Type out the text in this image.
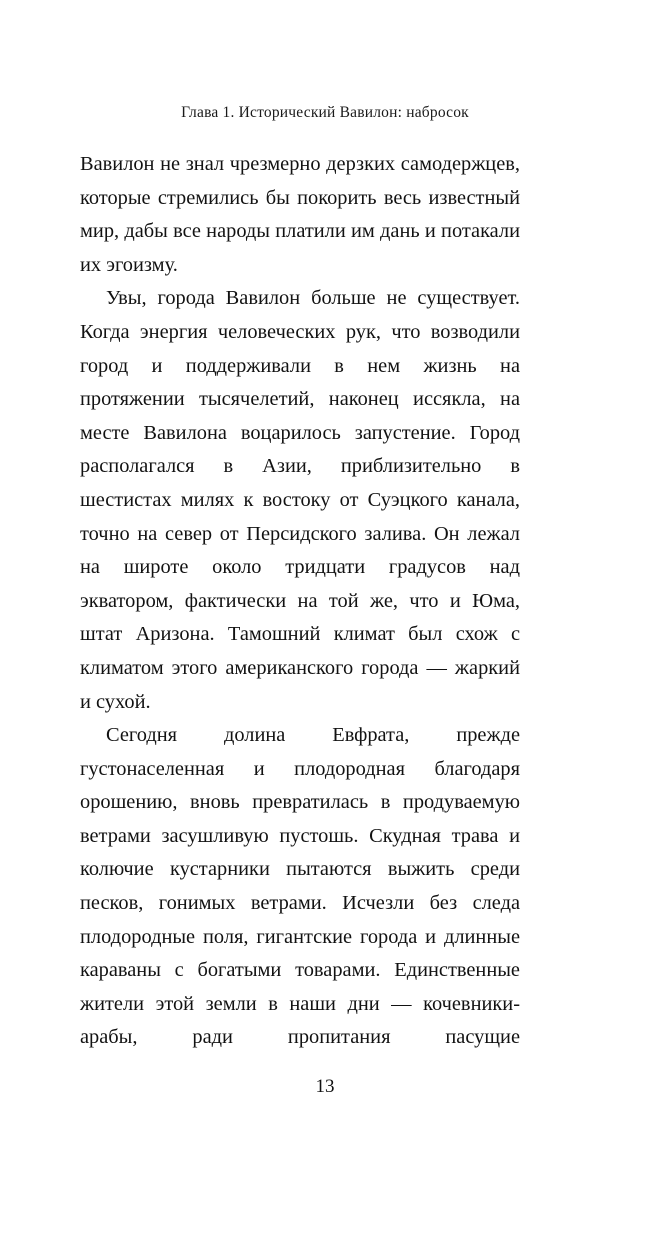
Глава 1. Исторический Вавилон: набросок

Вавилон не знал чрезмерно дерзких самодержцев, которые стремились бы покорить весь известный мир, дабы все народы платили им дань и потакали их эгоизму.

Увы, города Вавилон больше не существует. Когда энергия человеческих рук, что возводили город и поддерживали в нем жизнь на протяжении тысячелетий, наконец иссякла, на месте Вавилона воцарилось запустение. Город располагался в Азии, приблизительно в шестистах милях к востоку от Суэцкого канала, точно на север от Персидского залива. Он лежал на широте около тридцати градусов над экватором, фактически на той же, что и Юма, штат Аризона. Тамошний климат был схож с климатом этого американского города — жаркий и сухой.

Сегодня долина Евфрата, прежде густонаселенная и плодородная благодаря орошению, вновь превратилась в продуваемую ветрами засушливую пустошь. Скудная трава и колючие кустарники пытаются выжить среди песков, гонимых ветрами. Исчезли без следа плодородные поля, гигантские города и длинные караваны с богатыми товарами. Единственные жители этой земли в наши дни — кочевники-арабы, ради пропитания пасущие

13
